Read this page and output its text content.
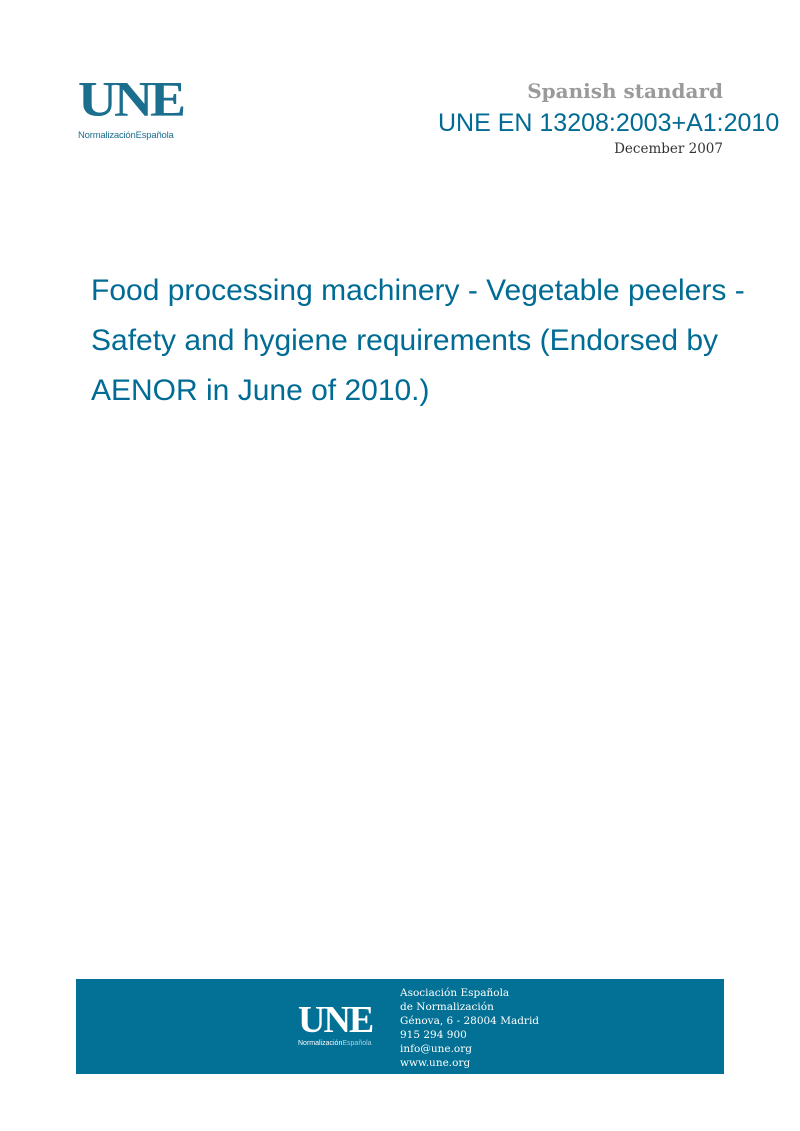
UNE
NormalizaciónEspañola
Spanish standard
UNE EN 13208:2003+A1:2010
December 2007
Food processing machinery - Vegetable peelers - Safety and hygiene requirements (Endorsed by AENOR in June of 2010.)
UNE
NormalizaciónEspañola
Asociación Española
de Normalización
Génova, 6 - 28004 Madrid
915 294 900
info@une.org
www.une.org
